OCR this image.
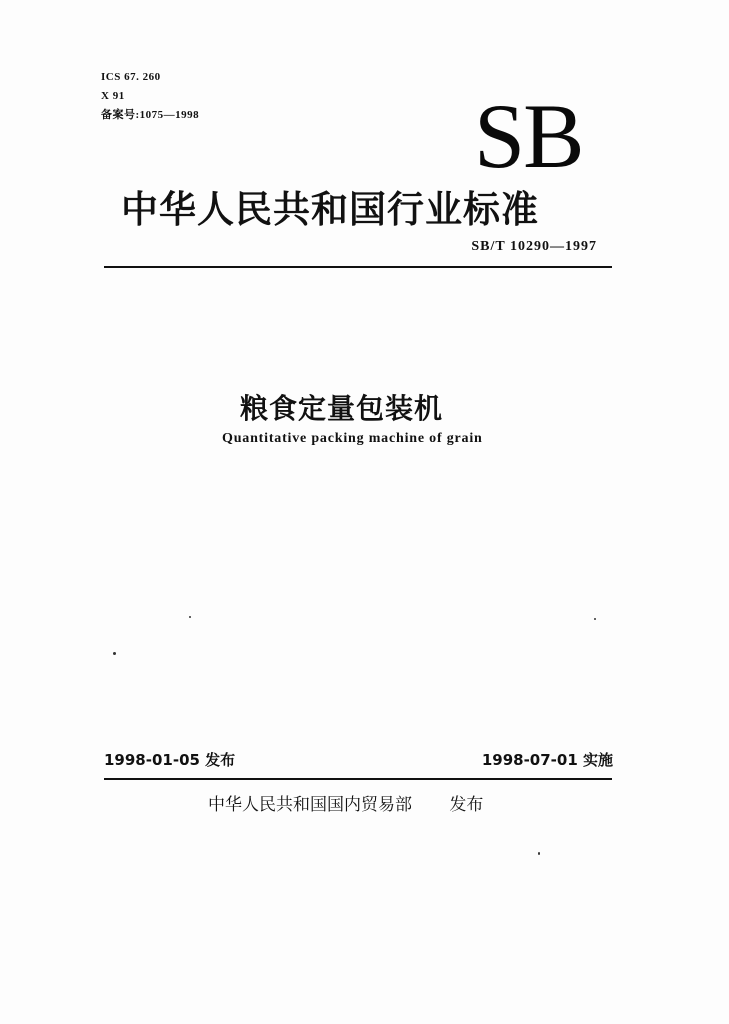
ICS 67. 260
X 91
备案号:1075—1998	SB
中华人民共和国行业标准
SB/T 10290—1997
粮食定量包装机
Quantitative packing machine of grain
1998-01-05 发布	1998-07-01 实施
中华人民共和国国内贸易部 发布
